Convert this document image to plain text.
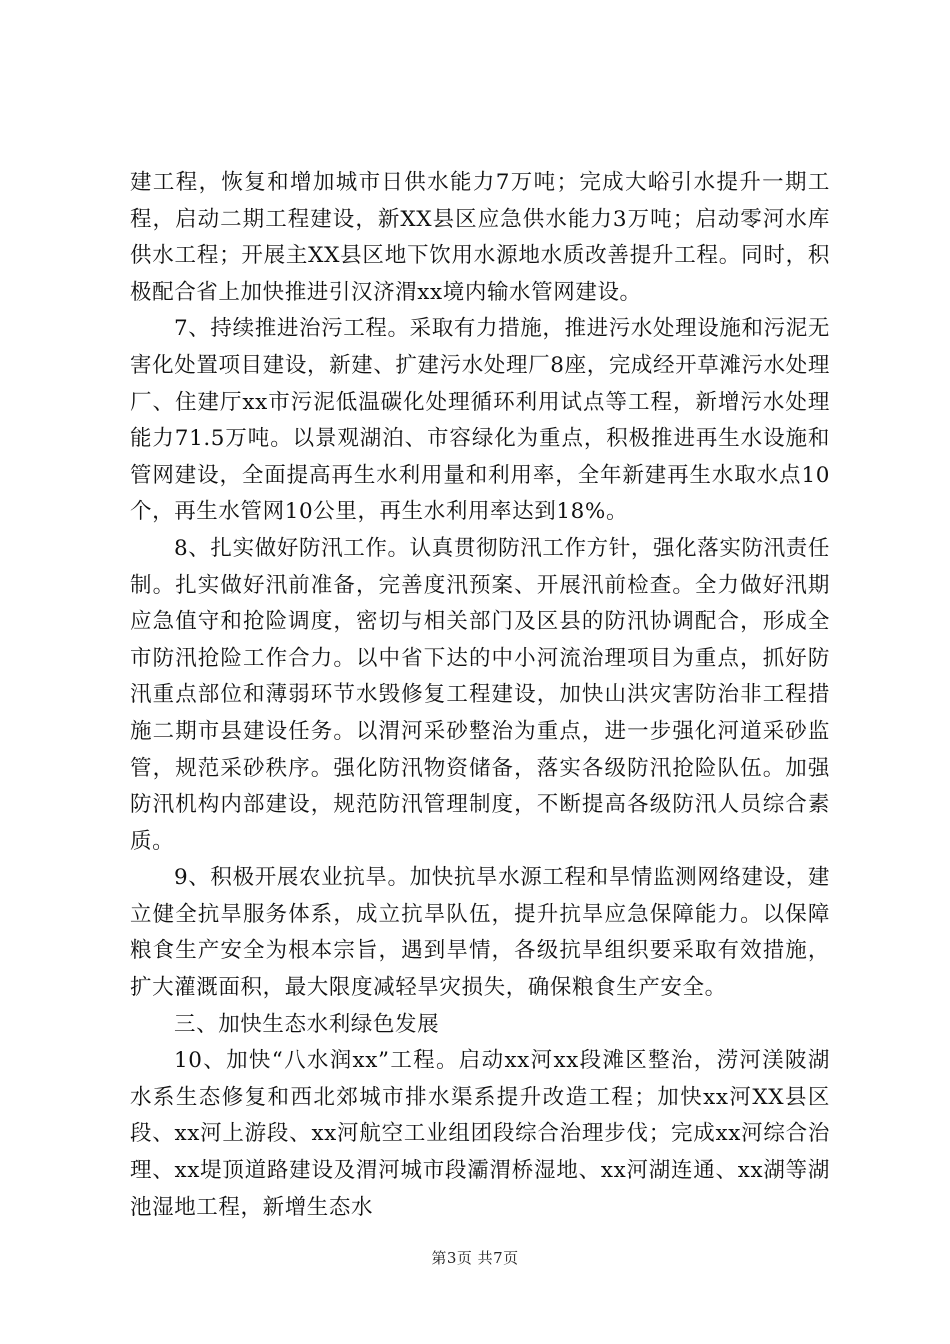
建工程，恢复和增加城市日供水能力7万吨；完成大峪引水提升一期工程，启动二期工程建设，新XX县区应急供水能力3万吨；启动零河水库供水工程；开展主XX县区地下饮用水源地水质改善提升工程。同时，积极配合省上加快推进引汉济渭xx境内输水管网建设。

7、持续推进治污工程。采取有力措施，推进污水处理设施和污泥无害化处置项目建设，新建、扩建污水处理厂8座，完成经开草滩污水处理厂、住建厅xx市污泥低温碳化处理循环利用试点等工程，新增污水处理能力71.5万吨。以景观湖泊、市容绿化为重点，积极推进再生水设施和管网建设，全面提高再生水利用量和利用率，全年新建再生水取水点10个，再生水管网10公里，再生水利用率达到18%。

8、扎实做好防汛工作。认真贯彻防汛工作方针，强化落实防汛责任制。扎实做好汛前准备，完善度汛预案、开展汛前检查。全力做好汛期应急值守和抢险调度，密切与相关部门及区县的防汛协调配合，形成全市防汛抢险工作合力。以中省下达的中小河流治理项目为重点，抓好防汛重点部位和薄弱环节水毁修复工程建设，加快山洪灾害防治非工程措施二期市县建设任务。以渭河采砂整治为重点，进一步强化河道采砂监管，规范采砂秩序。强化防汛物资储备，落实各级防汛抢险队伍。加强防汛机构内部建设，规范防汛管理制度，不断提高各级防汛人员综合素质。

9、积极开展农业抗旱。加快抗旱水源工程和旱情监测网络建设，建立健全抗旱服务体系，成立抗旱队伍，提升抗旱应急保障能力。以保障粮食生产安全为根本宗旨，遇到旱情，各级抗旱组织要采取有效措施，扩大灌溉面积，最大限度减轻旱灾损失，确保粮食生产安全。

三、加快生态水利绿色发展

10、加快“八水润xx”工程。启动xx河xx段滩区整治，涝河渼陂湖水系生态修复和西北郊城市排水渠系提升改造工程；加快xx河XX县区段、xx河上游段、xx河航空工业组团段综合治理步伐；完成xx河综合治理、xx堤顶道路建设及渭河城市段灞渭桥湿地、xx河湖连通、xx湖等湖池湿地工程，新增生态水

第3页 共7页
